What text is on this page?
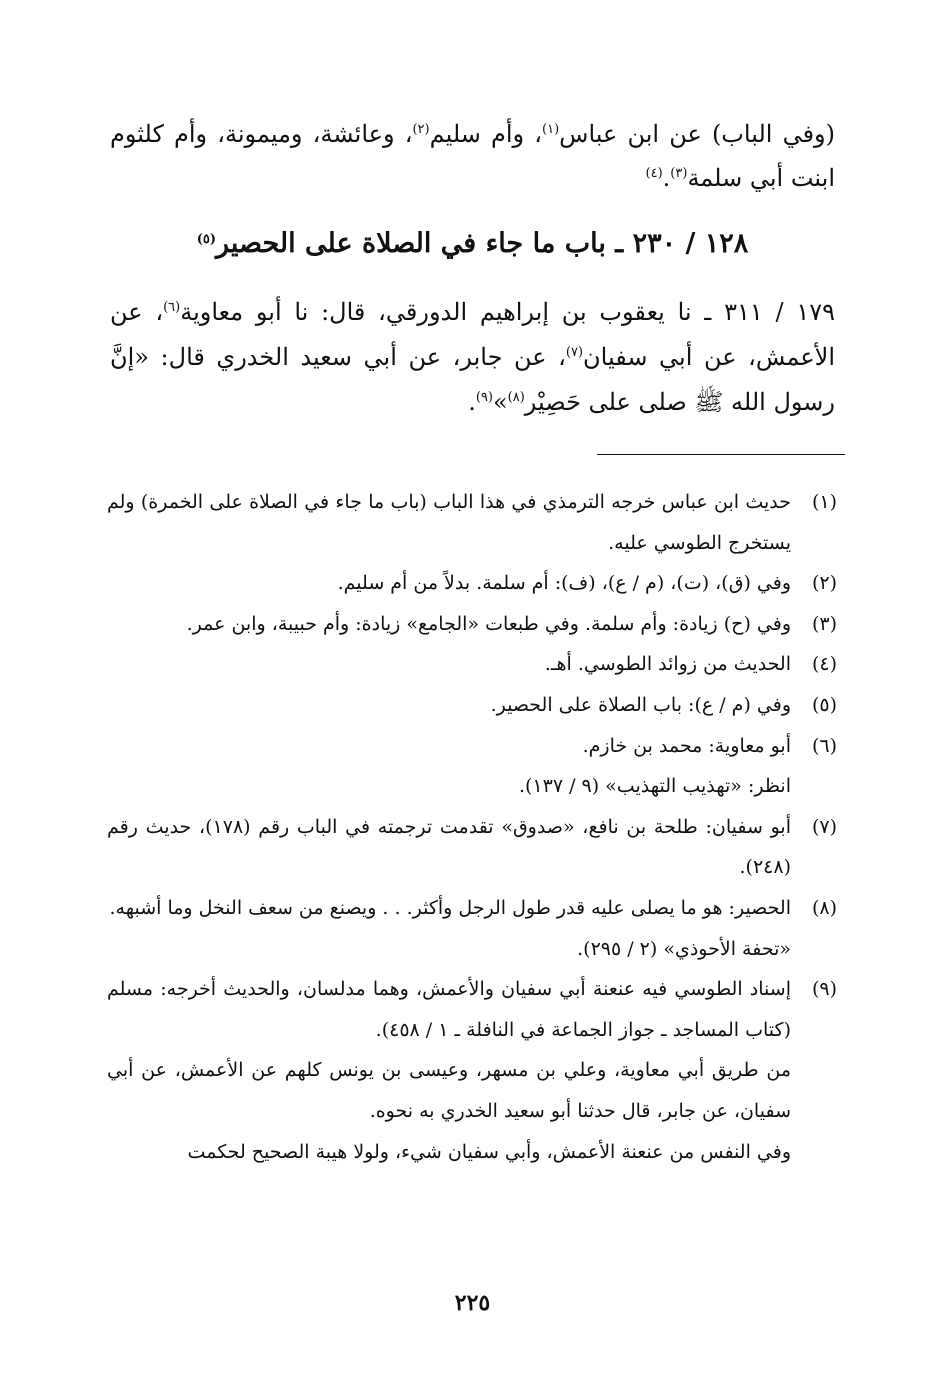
(وفي الباب) عن ابن عباس$^{(١)}$، وأم سليم$^{(٢)}$، وعائشة، وميمونة، وأم كلثوم ابنت أبي سلمة$^{(٣)}$.$^{(٤)}$
١٢٨ / ٢٣٠ ـ باب ما جاء في الصلاة على الحصير$^{(٥)}$
١٧٩ / ٣١١ ـ نا يعقوب بن إبراهيم الدورقي، قال: نا أبو معاوية$^{(٦)}$، عن الأعمش، عن أبي سفيان$^{(٧)}$، عن جابر، عن أبي سعيد الخدري قال: «إنَّ رسول الله ﷺ صلى على حَصِيْر$^{(٨)}$»$^{(٩)}$.
(١)
حديث ابن عباس خرجه الترمذي في هذا الباب (باب ما جاء في الصلاة على الخمرة) ولم يستخرج الطوسي عليه.
(٢)
وفي (ق)، (ت)، (م / ع)، (ف): أم سلمة. بدلاً من أم سليم.
(٣)
وفي (ح) زيادة: وأم سلمة. وفي طبعات «الجامع» زيادة: وأم حبيبة، وابن عمر.
(٤)
الحديث من زوائد الطوسي. أهـ.
(٥)
وفي (م / ع): باب الصلاة على الحصير.
(٦)
أبو معاوية: محمد بن خازم.
انظر: «تهذيب التهذيب» (٩ / ١٣٧).
(٧)
أبو سفيان: طلحة بن نافع، «صدوق» تقدمت ترجمته في الباب رقم (١٧٨)، حديث رقم (٢٤٨).
(٨)
الحصير: هو ما يصلى عليه قدر طول الرجل وأكثر. . . ويصنع من سعف النخل وما أشبهه.
«تحفة الأحوذي» (٢ / ٢٩٥).
(٩)
إسناد الطوسي فيه عنعنة أبي سفيان والأعمش، وهما مدلسان، والحديث أخرجه: مسلم (كتاب المساجد ـ جواز الجماعة في النافلة ـ ١ / ٤٥٨).
من طريق أبي معاوية، وعلي بن مسهر، وعيسى بن يونس كلهم عن الأعمش، عن أبي سفيان، عن جابر، قال حدثنا أبو سعيد الخدري به نحوه.
وفي النفس من عنعنة الأعمش، وأبي سفيان شيء، ولولا هيبة الصحيح لحكمت
٢٢٥
